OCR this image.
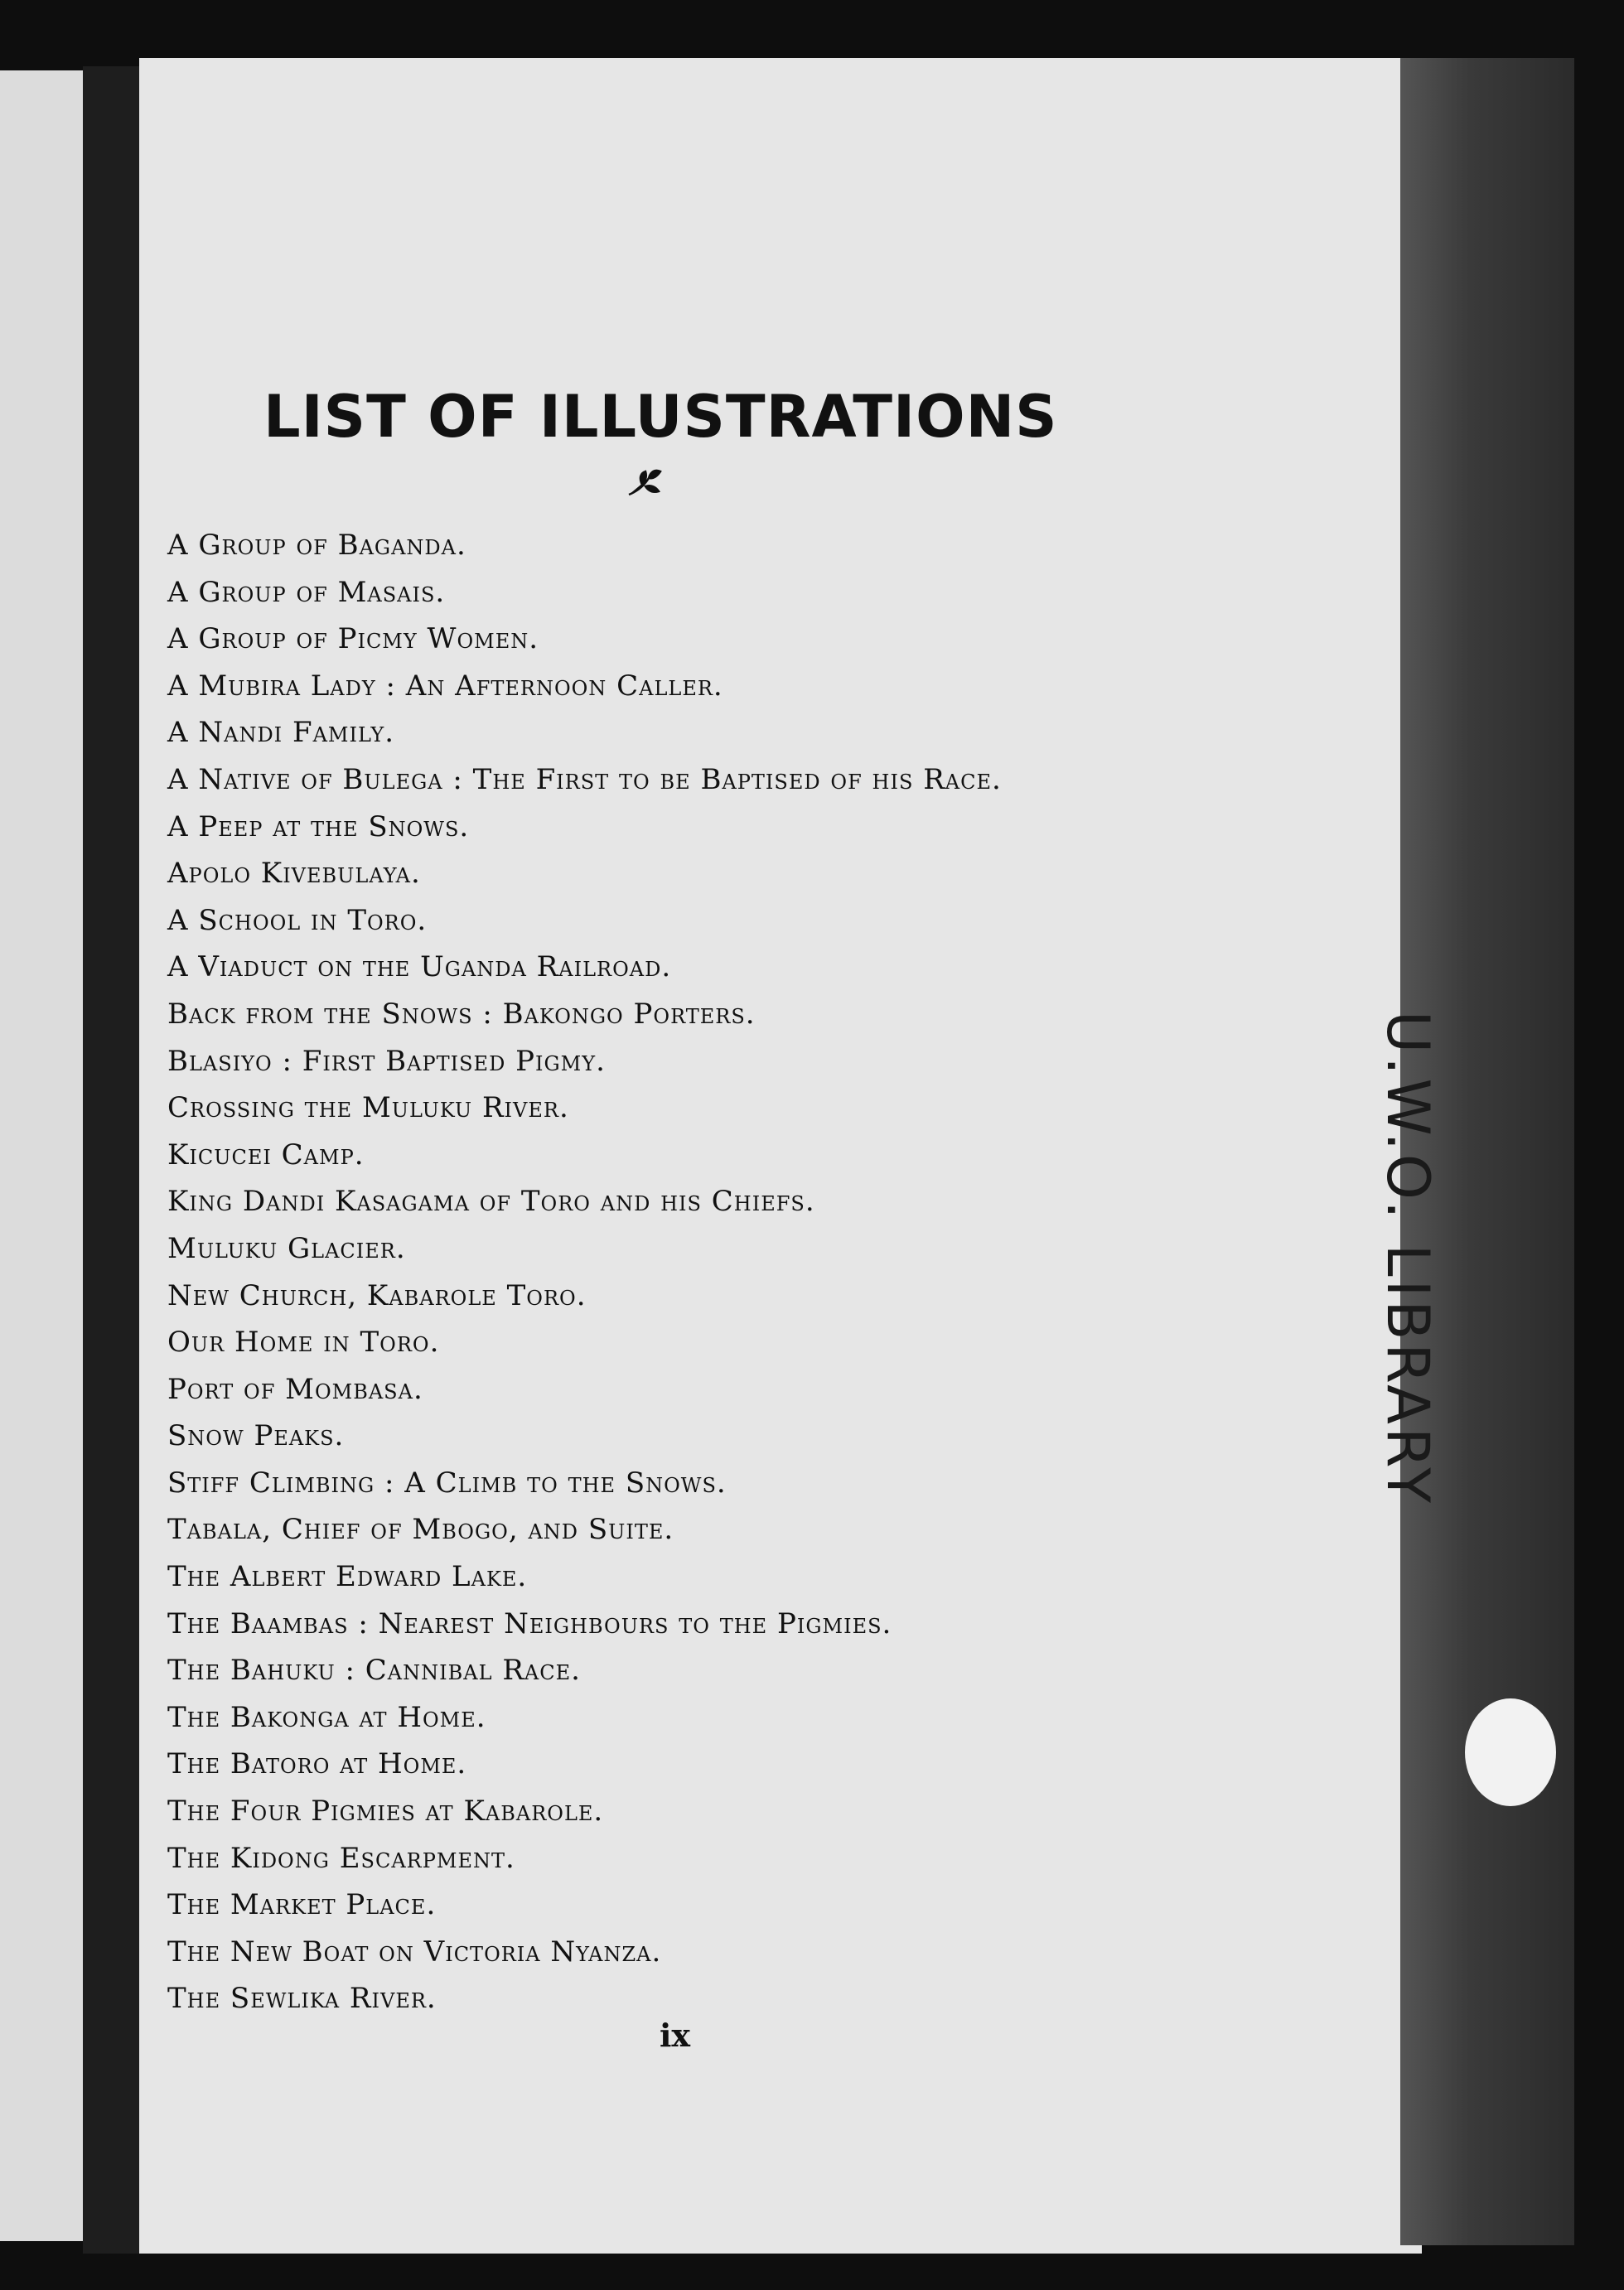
U.W.O. LIBRARY
LIST OF ILLUSTRATIONS
A Group of Baganda.
A Group of Masais.
A Group of Picmy Women.
A Mubira Lady : An Afternoon Caller.
A Nandi Family.
A Native of Bulega : The First to be Baptised of his Race.
A Peep at the Snows.
Apolo Kivebulaya.
A School in Toro.
A Viaduct on the Uganda Railroad.
Back from the Snows : Bakongo Porters.
Blasiyo : First Baptised Pigmy.
Crossing the Muluku River.
Kicucei Camp.
King Dandi Kasagama of Toro and his Chiefs.
Muluku Glacier.
New Church, Kabarole Toro.
Our Home in Toro.
Port of Mombasa.
Snow Peaks.
Stiff Climbing : A Climb to the Snows.
Tabala, Chief of Mbogo, and Suite.
The Albert Edward Lake.
The Baambas : Nearest Neighbours to the Pigmies.
The Bahuku : Cannibal Race.
The Bakonga at Home.
The Batoro at Home.
The Four Pigmies at Kabarole.
The Kidong Escarpment.
The Market Place.
The New Boat on Victoria Nyanza.
The Sewlika River.
ix
